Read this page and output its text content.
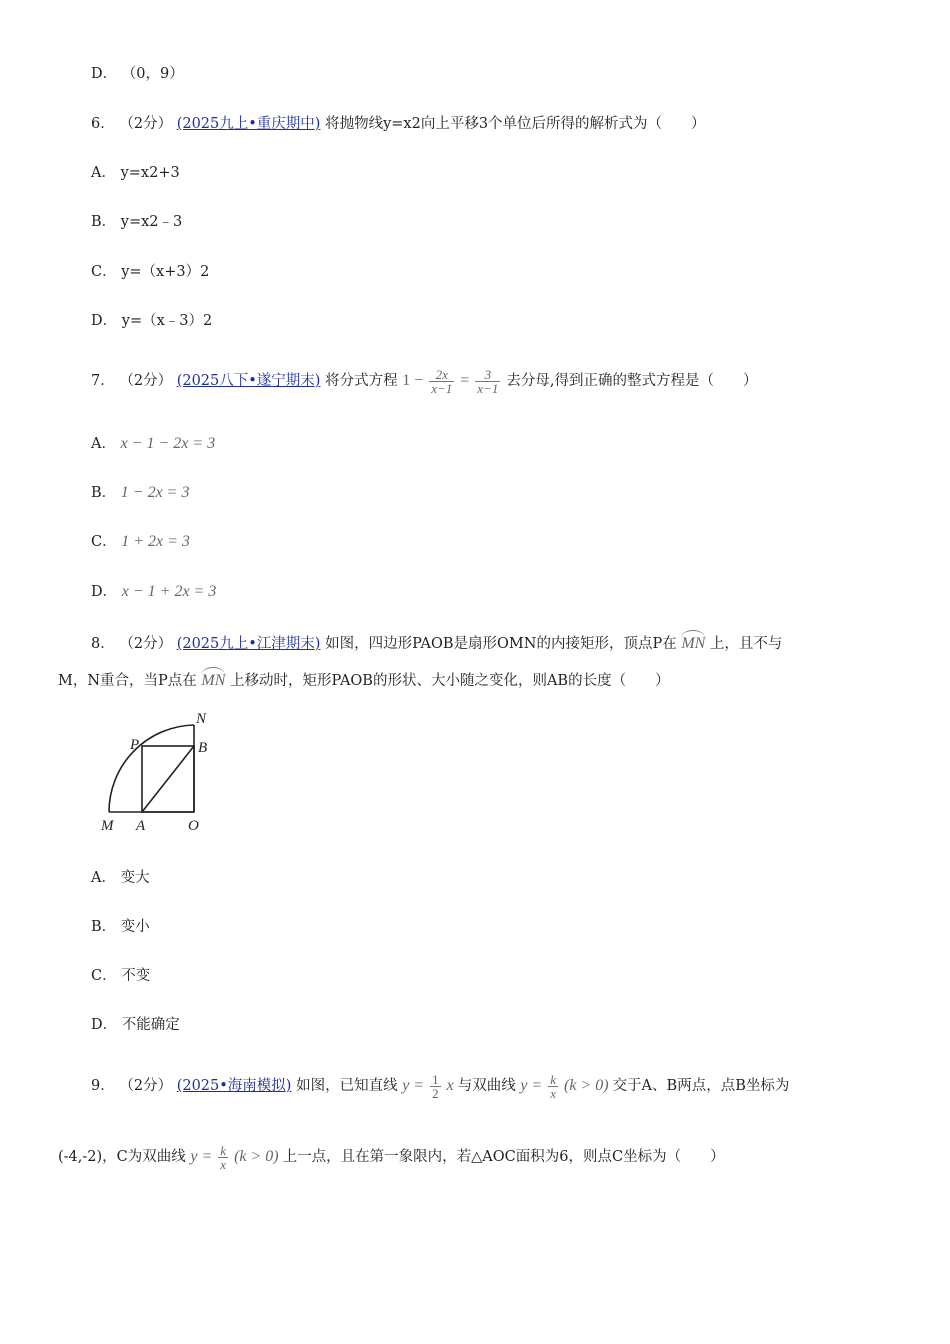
D． （0，9）
6． （2分） (2025九上•重庆期中) 将抛物线y=x2向上平移3个单位后所得的解析式为（　　）
A． y=x2+3
B． y=x2﹣3
C． y=（x+3）2
D． y=（x﹣3）2
7． （2分） (2025八下•遂宁期末) 将分式方程 $1 - \frac{2x}{x-1} = \frac{3}{x-1}$ 去分母,得到正确的整式方程是（　　）
A． x − 1 − 2x = 3
B． 1 − 2x = 3
C． 1 + 2x = 3
D． x − 1 + 2x = 3
8． （2分） (2025九上•江津期末) 如图，四边形PAOB是扇形OMN的内接矩形，顶点P在 MN 上，且不与
M，N重合，当P点在 MN 上移动时，矩形PAOB的形状、大小随之变化，则AB的长度（　　）
N
P	B
M A	O
A． 变大
B． 变小
C． 不变
D． 不能确定
9． （2分） (2025•海南模拟) 如图，已知直线 $y = \frac{1}{2}$ x 与双曲线 $y = \frac{k}{x} (k > 0)$ 交于A、B两点，点B坐标为
(-4,-2)，C为双曲线 $y = \frac{k}{x} (k > 0)$ 上一点，且在第一象限内，若△AOC面积为6，则点C坐标为（　　）
